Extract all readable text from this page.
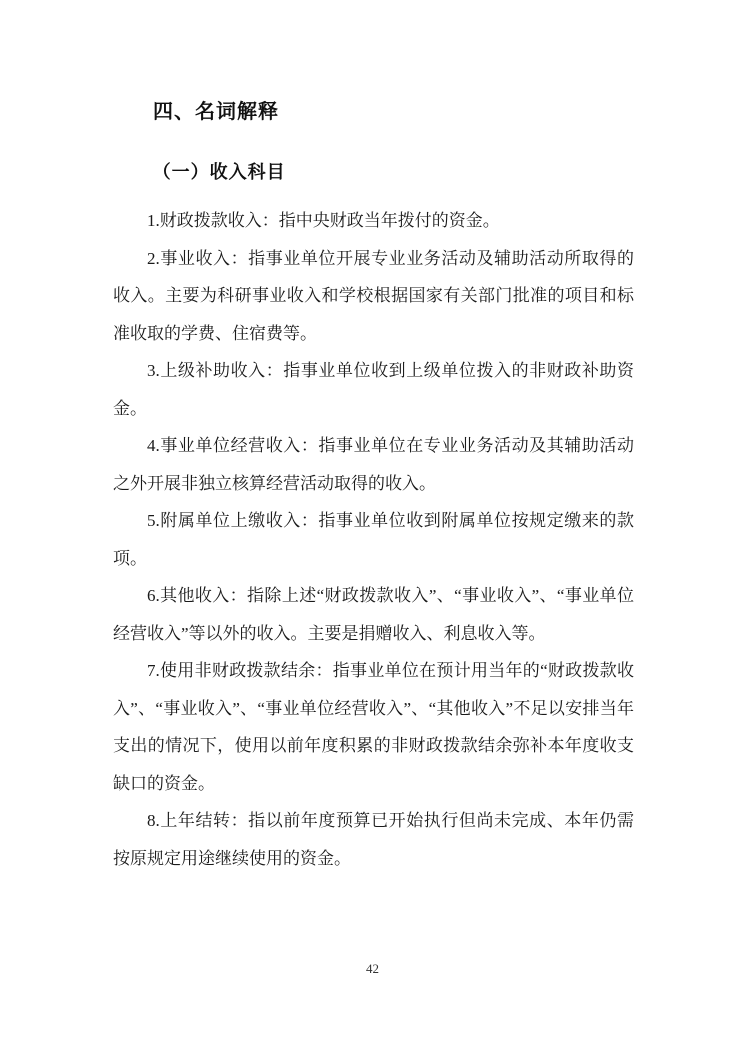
四、名词解释
（一）收入科目

1.财政拨款收入：指中央财政当年拨付的资金。

2.事业收入：指事业单位开展专业业务活动及辅助活动所取得的收入。主要为科研事业收入和学校根据国家有关部门批准的项目和标准收取的学费、住宿费等。

3.上级补助收入：指事业单位收到上级单位拨入的非财政补助资金。

4.事业单位经营收入：指事业单位在专业业务活动及其辅助活动之外开展非独立核算经营活动取得的收入。

5.附属单位上缴收入：指事业单位收到附属单位按规定缴来的款项。

6.其他收入：指除上述“财政拨款收入”、“事业收入”、“事业单位经营收入”等以外的收入。主要是捐赠收入、利息收入等。

7.使用非财政拨款结余：指事业单位在预计用当年的“财政拨款收入”、“事业收入”、“事业单位经营收入”、“其他收入”不足以安排当年支出的情况下，使用以前年度积累的非财政拨款结余弥补本年度收支缺口的资金。

8.上年结转：指以前年度预算已开始执行但尚未完成、本年仍需按原规定用途继续使用的资金。

42
